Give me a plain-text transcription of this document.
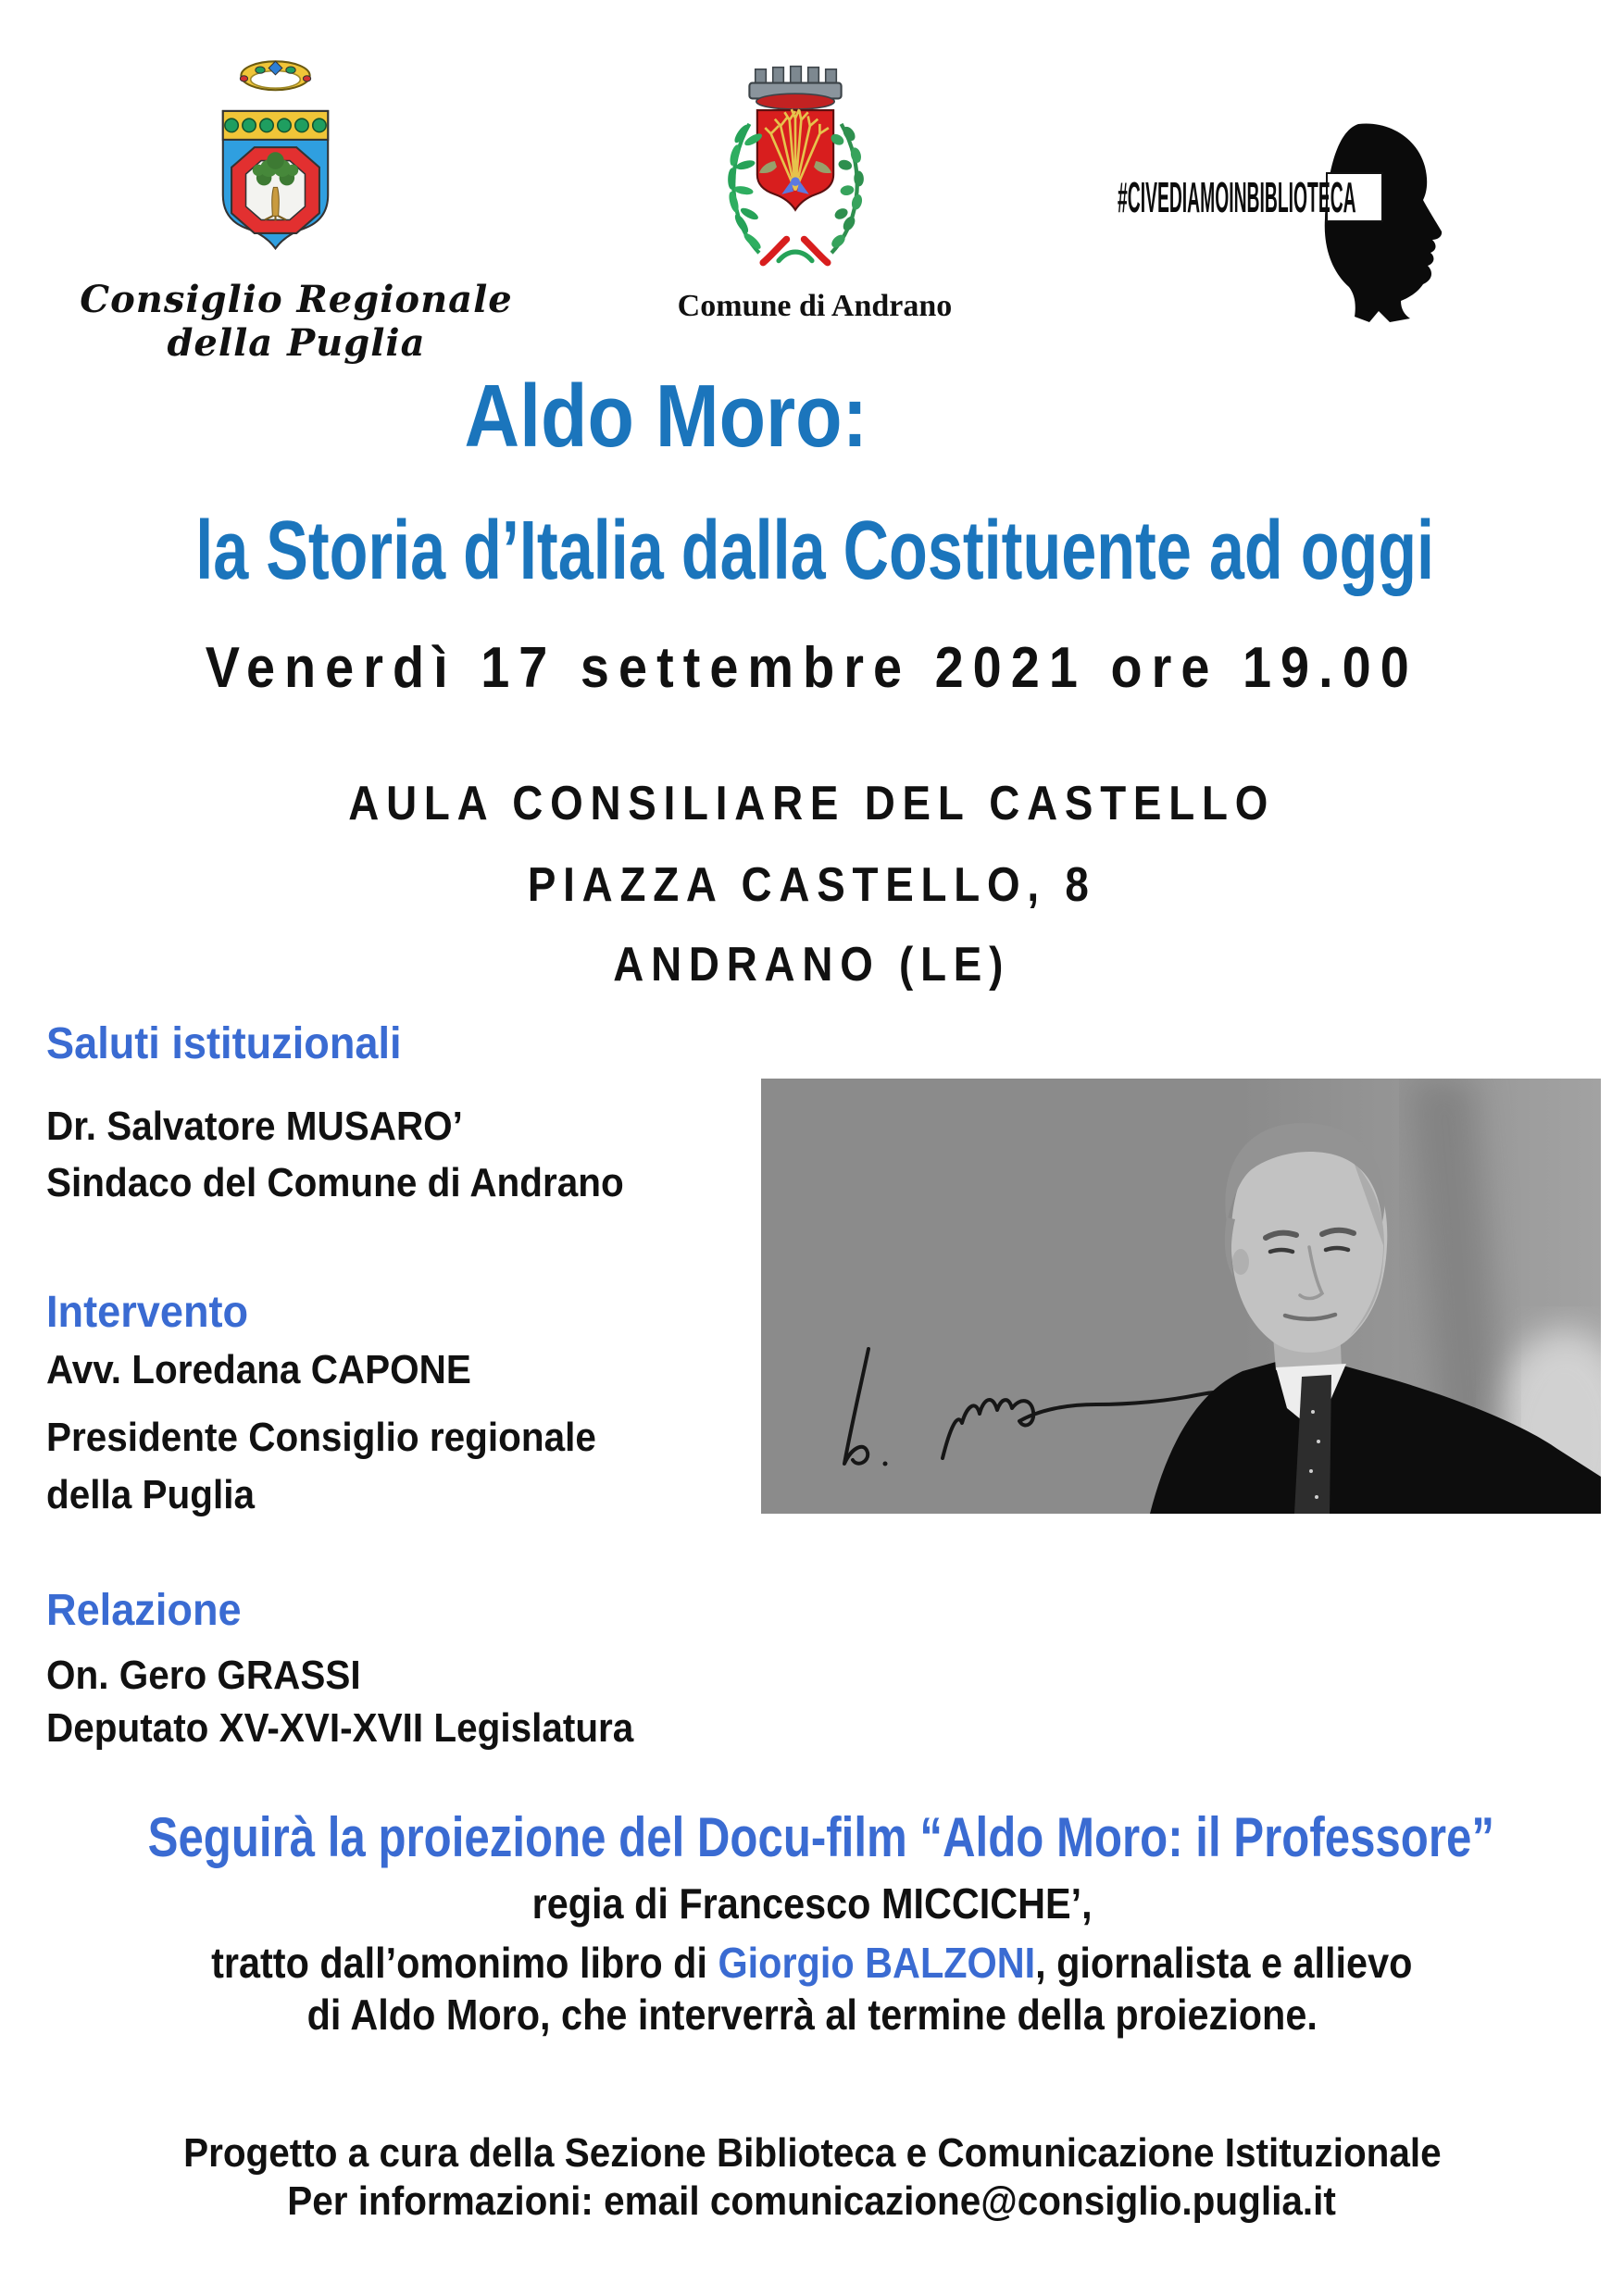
Consiglio Regionale della Puglia
Comune di Andrano
#CIVEDIAMOINBIBLIOTECA
Aldo Moro:
la Storia d’Italia dalla Costituente ad oggi
Venerdì 17 settembre 2021 ore 19.00
AULA CONSILIARE DEL CASTELLO
PIAZZA CASTELLO, 8
ANDRANO (LE)
Saluti istituzionali
Dr. Salvatore MUSARO’
Sindaco del Comune di Andrano
Intervento
Avv. Loredana CAPONE
Presidente Consiglio regionale
della Puglia
Relazione
On. Gero GRASSI
Deputato XV-XVI-XVII Legislatura
Seguirà la proiezione del Docu-film “Aldo Moro: il Professore”
regia di Francesco MICCICHE’,
tratto dall’omonimo libro di Giorgio BALZONI, giornalista e allievo
di Aldo Moro, che interverrà al termine della proiezione.
Progetto a cura della Sezione Biblioteca e Comunicazione Istituzionale
Per informazioni: email comunicazione@consiglio.puglia.it
